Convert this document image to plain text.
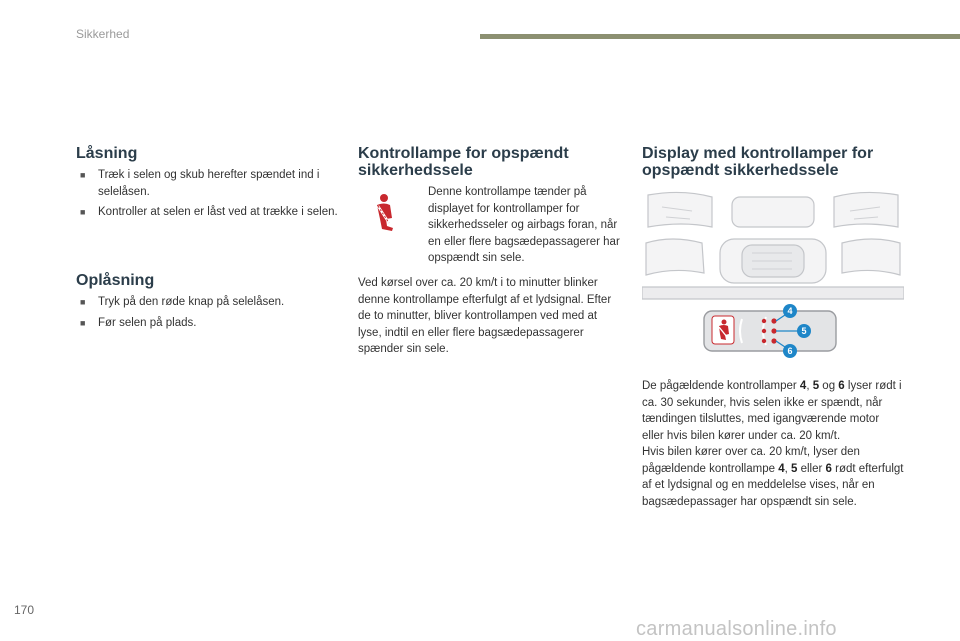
Sikkerhed
Låsning
■ Træk i selen og skub herefter spændet ind i selelåsen.
■ Kontroller at selen er låst ved at trække i selen.
Oplåsning
■ Tryk på den røde knap på selelåsen.
■ Før selen på plads.
Kontrollampe for opspændt sikkerhedssele
Denne kontrollampe tænder på displayet for kontrollamper for sikkerhedsseler og airbags foran, når en eller flere bagsædepassagerer har opspændt sin sele.
Ved kørsel over ca. 20 km/t i to minutter blinker denne kontrollampe efterfulgt af et lydsignal. Efter de to minutter, bliver kontrollampen ved med at lyse, indtil en eller flere bagsædepassagerer spænder sin sele.
Display med kontrollamper for opspændt sikkerhedssele
4
5
6
De pågældende kontrollamper 4, 5 og 6 lyser rødt i ca. 30 sekunder, hvis selen ikke er spændt, når tændingen tilsluttes, med igangværende motor eller hvis bilen kører under ca. 20 km/t.
Hvis bilen kører over ca. 20 km/t, lyser den pågældende kontrollampe 4, 5 eller 6 rødt efterfulgt af et lydsignal og en meddelelse vises, når en bagsædepassager har opspændt sin sele.
170
carmanualsonline.info
